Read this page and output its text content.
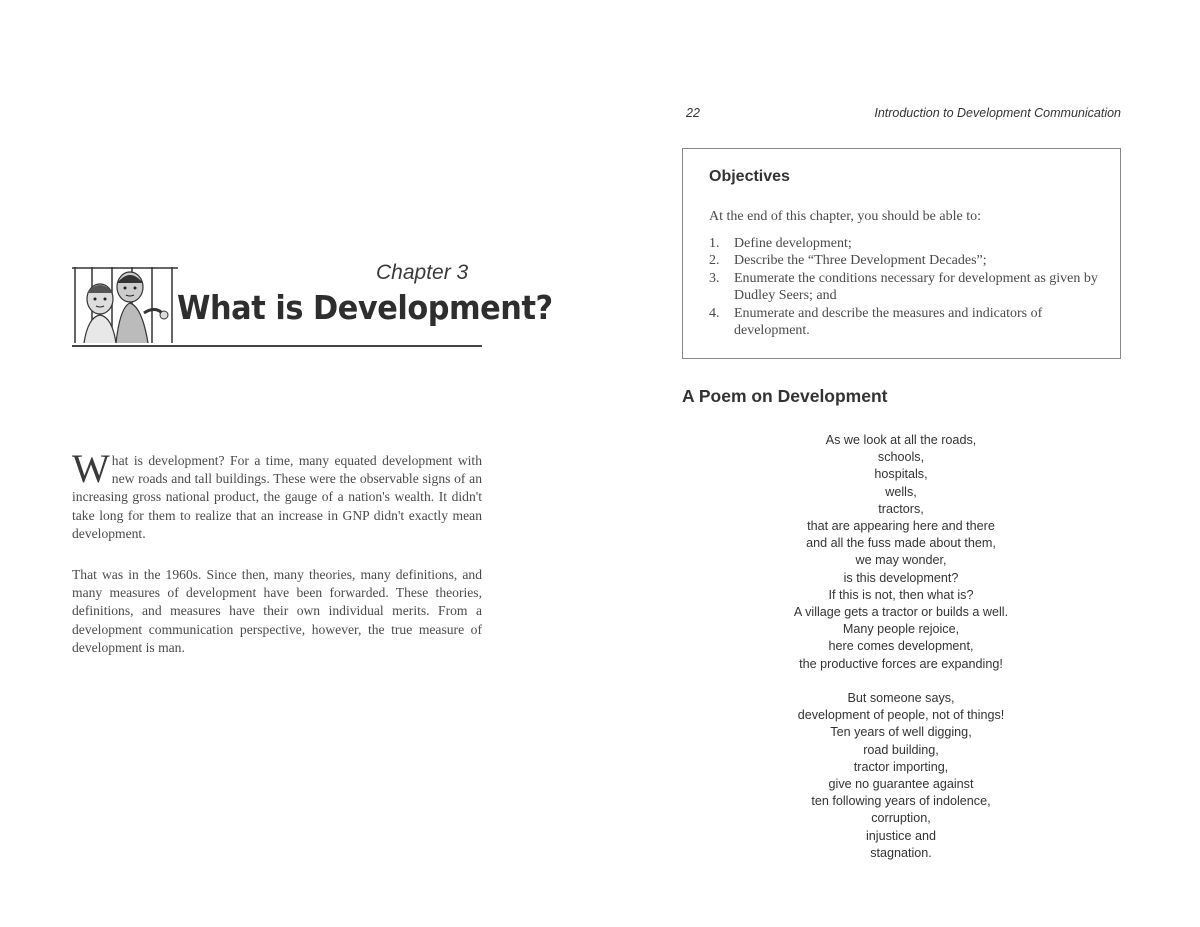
Chapter 3
What is Development?

What is development? For a time, many equated development with new roads and tall buildings. These were the observable signs of an increasing gross national product, the gauge of a nation's wealth. It didn't take long for them to realize that an increase in GNP didn't exactly mean development.

That was in the 1960s. Since then, many theories, many definitions, and many measures of development have been forwarded. These theories, definitions, and measures have their own individual merits. From a development communication perspective, however, the true measure of development is man.

22	Introduction to Development Communication
Objectives
At the end of this chapter, you should be able to:
1. Define development;
2. Describe the “Three Development Decades”;
3. Enumerate the conditions necessary for development as given by Dudley Seers; and
4. Enumerate and describe the measures and indicators of development.
A Poem on Development
As we look at all the roads,
schools,
hospitals,
wells,
tractors,
that are appearing here and there
and all the fuss made about them,
we may wonder,
is this development?
If this is not, then what is?
A village gets a tractor or builds a well.
Many people rejoice,
here comes development,
the productive forces are expanding!
But someone says,
development of people, not of things!
Ten years of well digging,
road building,
tractor importing,
give no guarantee against
ten following years of indolence,
corruption,
injustice and
stagnation.
